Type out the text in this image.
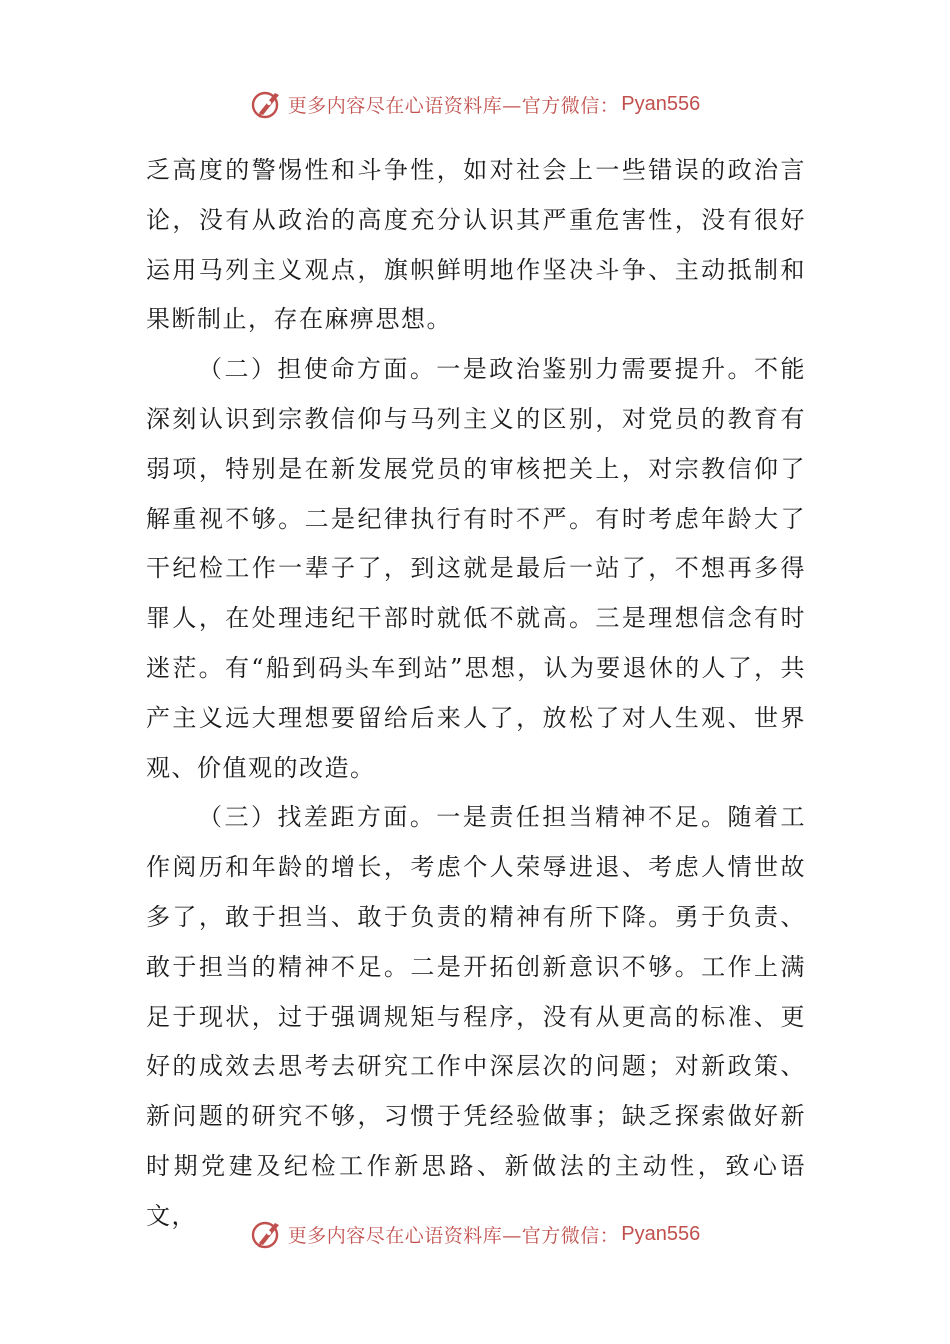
更多内容尽在心语资料库—官方微信： Pyan556

乏高度的警惕性和斗争性，如对社会上一些错误的政治言论，没有从政治的高度充分认识其严重危害性，没有很好运用马列主义观点，旗帜鲜明地作坚决斗争、主动抵制和果断制止，存在麻痹思想。

（二）担使命方面。一是政治鉴别力需要提升。不能深刻认识到宗教信仰与马列主义的区别，对党员的教育有弱项，特别是在新发展党员的审核把关上，对宗教信仰了解重视不够。二是纪律执行有时不严。有时考虑年龄大了干纪检工作一辈子了，到这就是最后一站了，不想再多得罪人，在处理违纪干部时就低不就高。三是理想信念有时迷茫。有“船到码头车到站”思想，认为要退休的人了，共产主义远大理想要留给后来人了，放松了对人生观、世界观、价值观的改造。

（三）找差距方面。一是责任担当精神不足。随着工作阅历和年龄的增长，考虑个人荣辱进退、考虑人情世故多了，敢于担当、敢于负责的精神有所下降。勇于负责、敢于担当的精神不足。二是开拓创新意识不够。工作上满足于现状，过于强调规矩与程序，没有从更高的标准、更好的成效去思考去研究工作中深层次的问题；对新政策、新问题的研究不够，习惯于凭经验做事；缺乏探索做好新时期党建及纪检工作新思路、新做法的主动性，致心语文，

更多内容尽在心语资料库—官方微信： Pyan556
